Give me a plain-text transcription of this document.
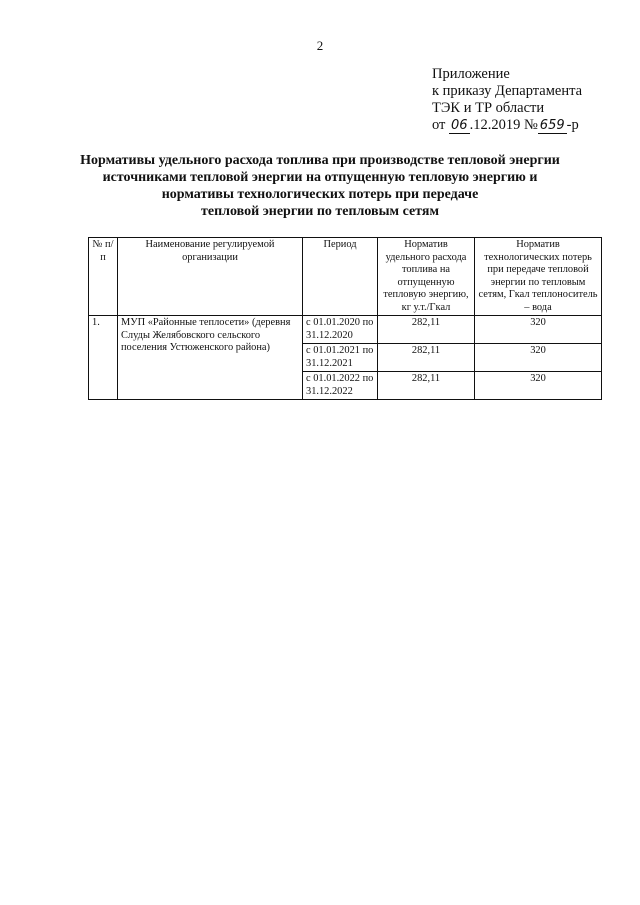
2
Приложение
к приказу Департамента
ТЭК и ТР области
от 06 .12.2019 № 659 -р
Нормативы удельного расхода топлива при производстве тепловой энергии
источниками тепловой энергии на отпущенную тепловую энергию и
нормативы технологических потерь при передаче
тепловой энергии по тепловым сетям
№ п/п	Наименование регулируемой организации	Период	Норматив удельного расхода топлива на отпущенную тепловую энергию, кг у.т./Гкал	Норматив технологических потерь при передаче тепловой энергии по тепловым сетям, Гкал теплоноситель – вода
1.	МУП «Районные теплосети» (деревня Слуды Желябовского сельского поселения Устюженского района)	с 01.01.2020 по 31.12.2020	282,11	320
		с 01.01.2021 по 31.12.2021	282,11	320
		с 01.01.2022 по 31.12.2022	282,11	320
